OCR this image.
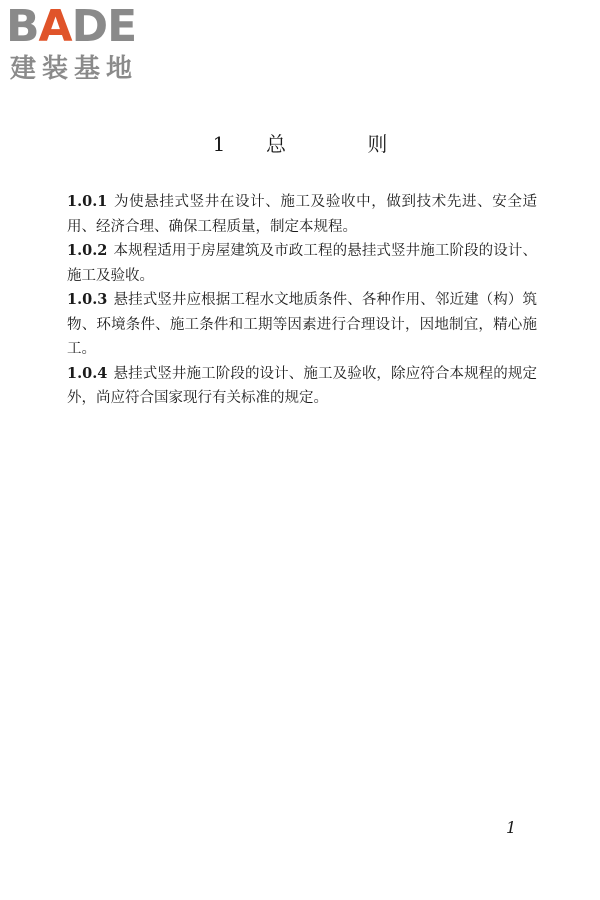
BADE
建装基地
1  总    则

1.0.1 为使悬挂式竖井在设计、施工及验收中，做到技术先进、安全适用、经济合理、确保工程质量，制定本规程。

1.0.2 本规程适用于房屋建筑及市政工程的悬挂式竖井施工阶段的设计、施工及验收。

1.0.3 悬挂式竖井应根据工程水文地质条件、各种作用、邻近建（构）筑物、环境条件、施工条件和工期等因素进行合理设计，因地制宜，精心施工。

1.0.4 悬挂式竖井施工阶段的设计、施工及验收，除应符合本规程的规定外，尚应符合国家现行有关标准的规定。

1
